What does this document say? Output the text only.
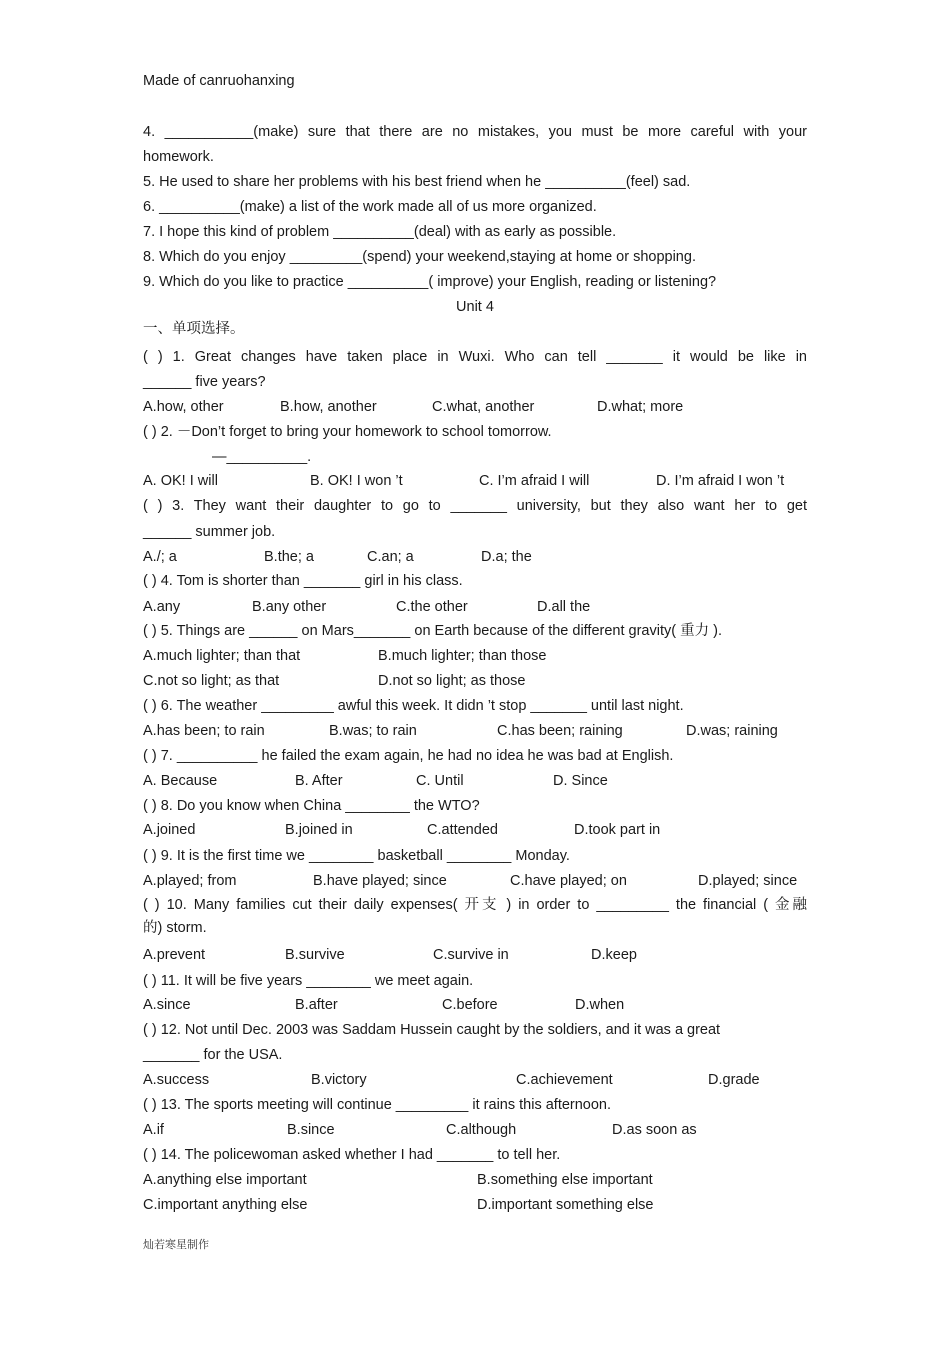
Made of canruohanxing
4. ___________(make) sure that there are no mistakes, you must be more careful with your
homework.
5. He used to share her problems with his best friend when he __________(feel) sad.
6. __________(make) a list of the work made all of us more organized.
7. I hope this kind of problem __________(deal) with as early as possible.
8. Which do you enjoy _________(spend) your weekend,staying at home or shopping.
9. Which do you like to practice __________( improve) your English, reading or listening?
Unit 4
一、单项选择。
( ) 1. Great changes have taken place in Wuxi. Who can tell _______ it would be like in
______ five years?
A.how, other	B.how, another	C.what, another	D.what; more
( ) 2. －Don’t forget to bring your homework to school tomorrow.
—__________.
A. OK! I will	B. OK! I won ’t	C. I’m afraid I will	D. I’m afraid I won ’t
( ) 3. They want their daughter to go to _______ university, but they also want her to get
______ summer job.
A./; a	B.the; a	C.an; a	D.a; the
( ) 4. Tom is shorter than _______ girl in his class.
A.any	B.any other	C.the other	D.all the
( ) 5. Things are ______ on Mars_______ on Earth because of the different gravity( 重力 ).
A.much lighter; than that	B.much lighter; than those
C.not so light; as that	D.not so light; as those
( ) 6. The weather _________ awful this week. It didn ’t stop _______ until last night.
A.has been; to rain	B.was; to rain	C.has been; raining	D.was; raining
( ) 7. __________ he failed the exam again, he had no idea he was bad at English.
A. Because	B. After	C. Until	D. Since
( ) 8. Do you know when China ________ the WTO?
A.joined	B.joined in	C.attended	D.took part in
( ) 9. It is the first time we ________ basketball ________ Monday.
A.played; from	B.have played; since	C.have played; on	D.played; since
( ) 10. Many families cut their daily expenses( 开支 ) in order to _________ the financial ( 金融
的) storm.
A.prevent	B.survive	C.survive in	D.keep
( ) 11. It will be five years ________ we meet again.
A.since	B.after	C.before	D.when
( ) 12. Not until Dec. 2003 was Saddam Hussein caught by the soldiers, and it was a great
_______ for the USA.
A.success	B.victory	C.achievement	D.grade
( ) 13. The sports meeting will continue _________ it rains this afternoon.
A.if	B.since	C.although	D.as soon as
( ) 14. The policewoman asked whether I had _______ to tell her.
A.anything else important	B.something else important
C.important anything else	D.important something else
灿若寒星制作
